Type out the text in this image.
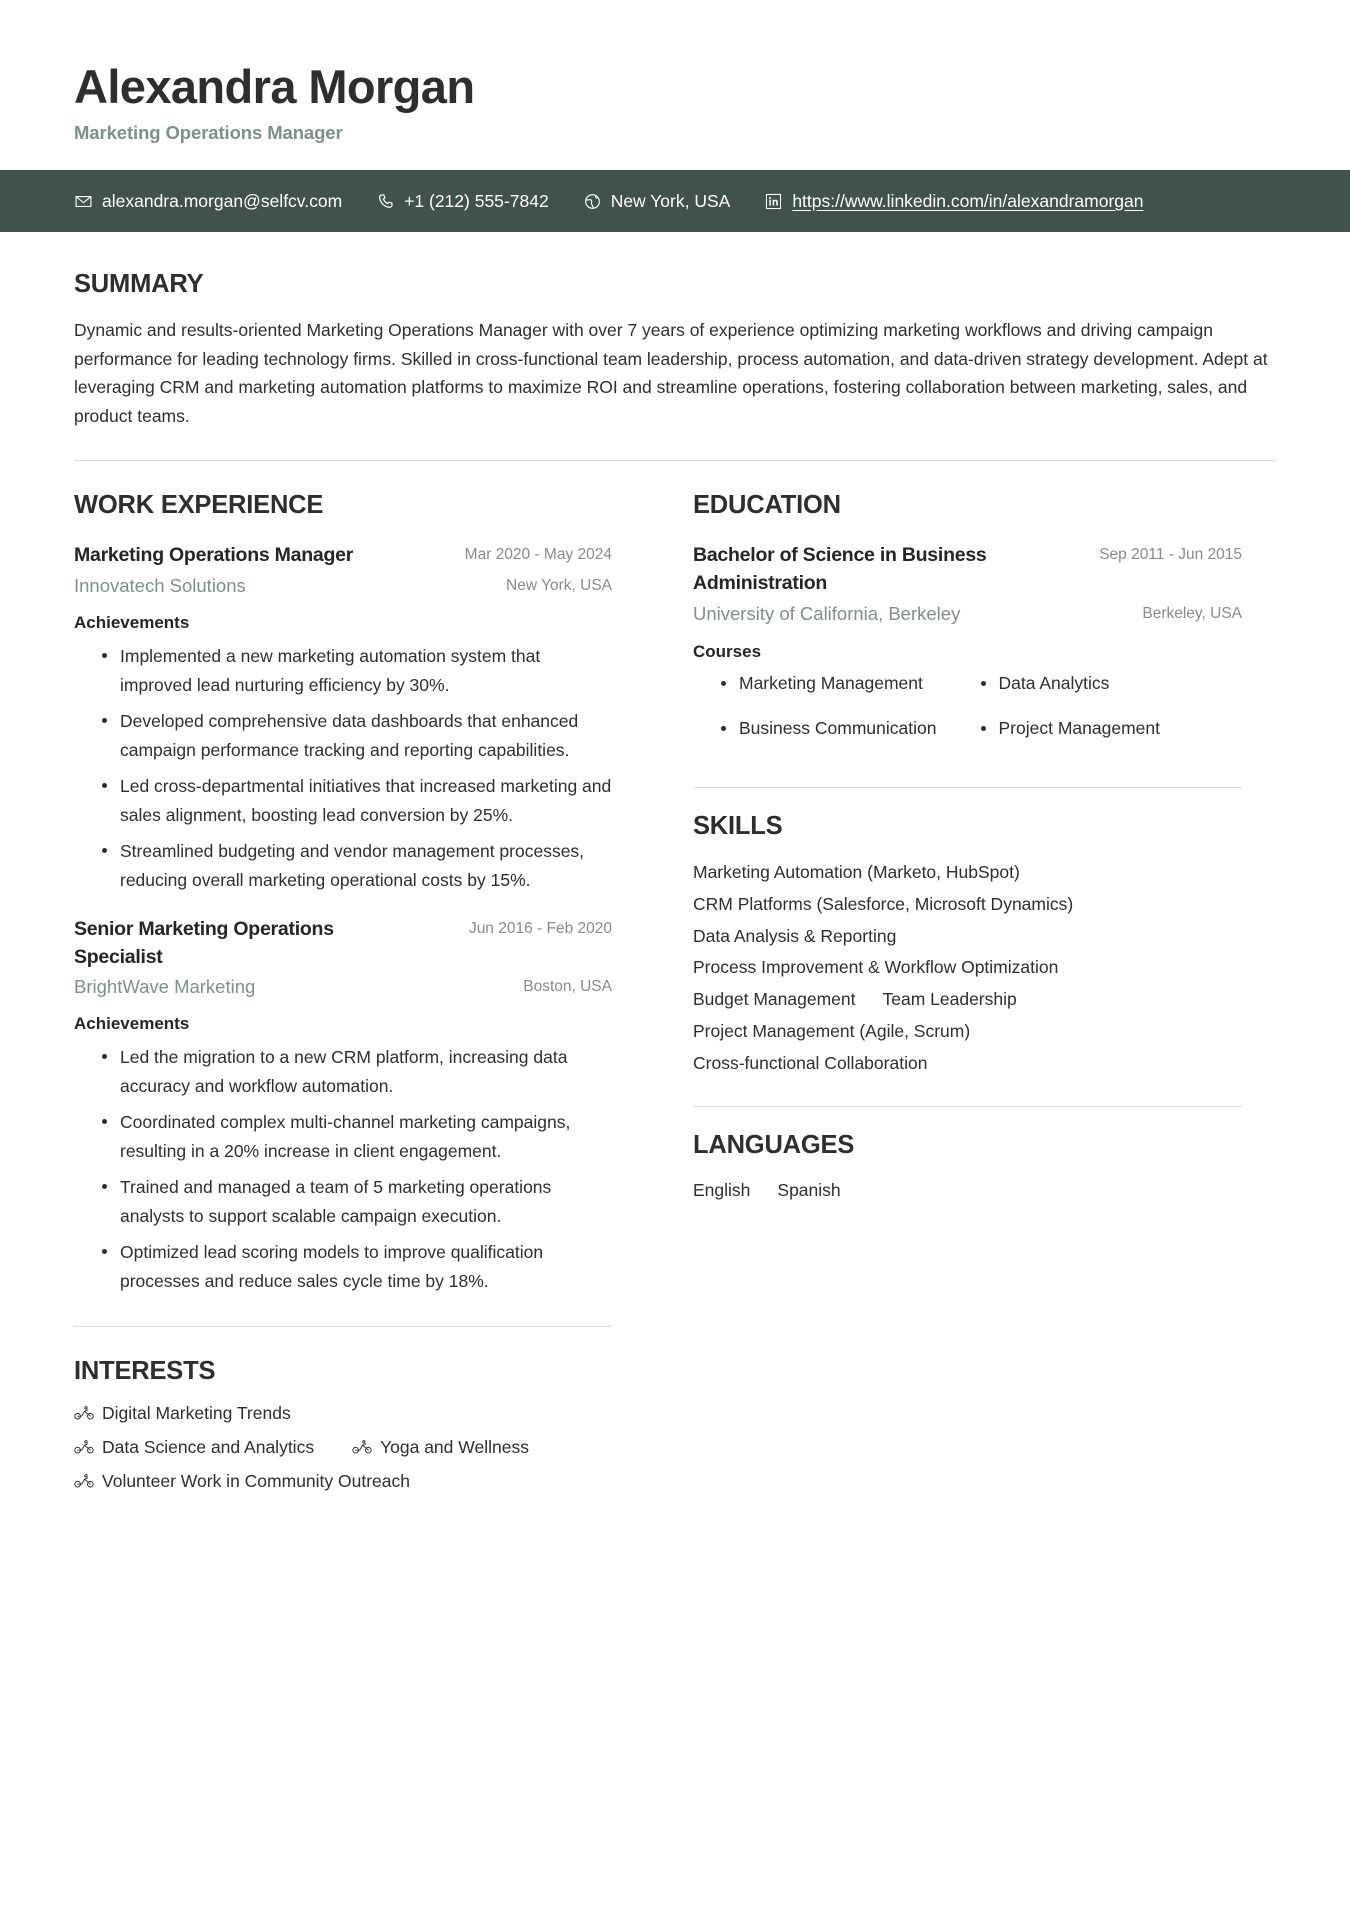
Alexandra Morgan
Marketing Operations Manager
alexandra.morgan@selfcv.com	+1 (212) 555-7842	New York, USA	https://www.linkedin.com/in/alexandramorgan
SUMMARY

Dynamic and results-oriented Marketing Operations Manager with over 7 years of experience optimizing marketing workflows and driving campaign performance for leading technology firms. Skilled in cross-functional team leadership, process automation, and data-driven strategy development. Adept at leveraging CRM and marketing automation platforms to maximize ROI and streamline operations, fostering collaboration between marketing, sales, and product teams.

WORK EXPERIENCE
Marketing Operations Manager	Mar 2020 - May 2024
Innovatech Solutions	New York, USA
Achievements
Implemented a new marketing automation system that improved lead nurturing efficiency by 30%.
Developed comprehensive data dashboards that enhanced campaign performance tracking and reporting capabilities.
Led cross-departmental initiatives that increased marketing and sales alignment, boosting lead conversion by 25%.
Streamlined budgeting and vendor management processes, reducing overall marketing operational costs by 15%.
Senior Marketing Operations Specialist
Jun 2016 - Feb 2020
BrightWave Marketing	Boston, USA
Achievements
Led the migration to a new CRM platform, increasing data accuracy and workflow automation.
Coordinated complex multi-channel marketing campaigns, resulting in a 20% increase in client engagement.
Trained and managed a team of 5 marketing operations analysts to support scalable campaign execution.
Optimized lead scoring models to improve qualification processes and reduce sales cycle time by 18%.
INTERESTS
Digital Marketing Trends
Data Science and Analytics	Yoga and Wellness
Volunteer Work in Community Outreach
EDUCATION
Bachelor of Science in Business Administration
Sep 2011 - Jun 2015
University of California, Berkeley	Berkeley, USA
Courses
Marketing Management	Data Analytics
Business Communication	Project Management
SKILLS
Marketing Automation (Marketo, HubSpot)
CRM Platforms (Salesforce, Microsoft Dynamics)
Data Analysis & Reporting
Process Improvement & Workflow Optimization
Budget Management Team Leadership
Project Management (Agile, Scrum)
Cross-functional Collaboration
LANGUAGES
English Spanish
